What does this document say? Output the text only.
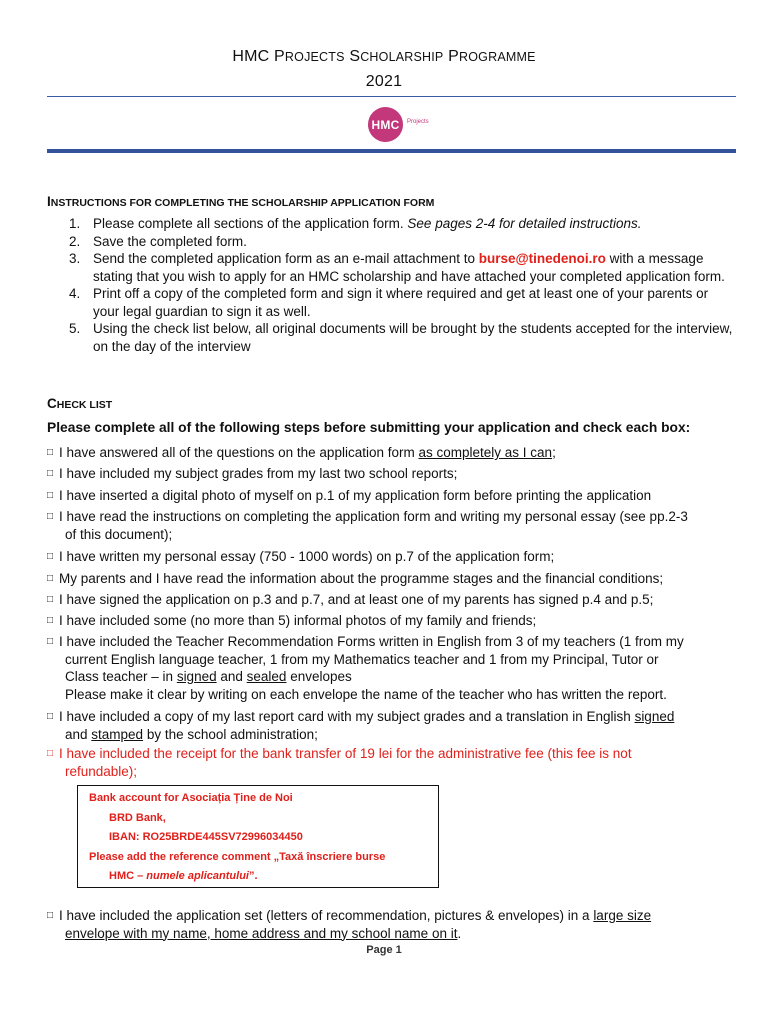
HMC PROJECTS SCHOLARSHIP PROGRAMME
2021
HMC	Projects
INSTRUCTIONS FOR COMPLETING THE SCHOLARSHIP APPLICATION FORM
1. Please complete all sections of the application form. See pages 2-4 for detailed instructions.
2. Save the completed form.
3. Send the completed application form as an e-mail attachment to burse@tinedenoi.ro with a message stating that you wish to apply for an HMC scholarship and have attached your completed application form.
4. Print off a copy of the completed form and sign it where required and get at least one of your parents or your legal guardian to sign it as well.
5. Using the check list below, all original documents will be brought by the students accepted for the interview, on the day of the interview
CHECK LIST
Please complete all of the following steps before submitting your application and check each box:
□ I have answered all of the questions on the application form as completely as I can;
□ I have included my subject grades from my last two school reports;
□ I have inserted a digital photo of myself on p.1 of my application form before printing the application
□ I have read the instructions on completing the application form and writing my personal essay (see pp.2-3
of this document);
□ I have written my personal essay (750 - 1000 words) on p.7 of the application form;
□ My parents and I have read the information about the programme stages and the financial conditions;
□ I have signed the application on p.3 and p.7, and at least one of my parents has signed p.4 and p.5;
□ I have included some (no more than 5) informal photos of my family and friends;
□ I have included the Teacher Recommendation Forms written in English from 3 of my teachers (1 from my
current English language teacher, 1 from my Mathematics teacher and 1 from my Principal, Tutor or
Class teacher – in signed and sealed envelopes
Please make it clear by writing on each envelope the name of the teacher who has written the report.
□ I have included a copy of my last report card with my subject grades and a translation in English signed
and stamped by the school administration;
□ I have included the receipt for the bank transfer of 19 lei for the administrative fee (this fee is not
refundable);
Bank account for Asociația Ține de Noi
BRD Bank,
IBAN: RO25BRDE445SV72996034450
Please add the reference comment „Taxă înscriere burse
HMC – numele aplicantului”.
□ I have included the application set (letters of recommendation, pictures & envelopes) in a large size
envelope with my name, home address and my school name on it.
Page 1
